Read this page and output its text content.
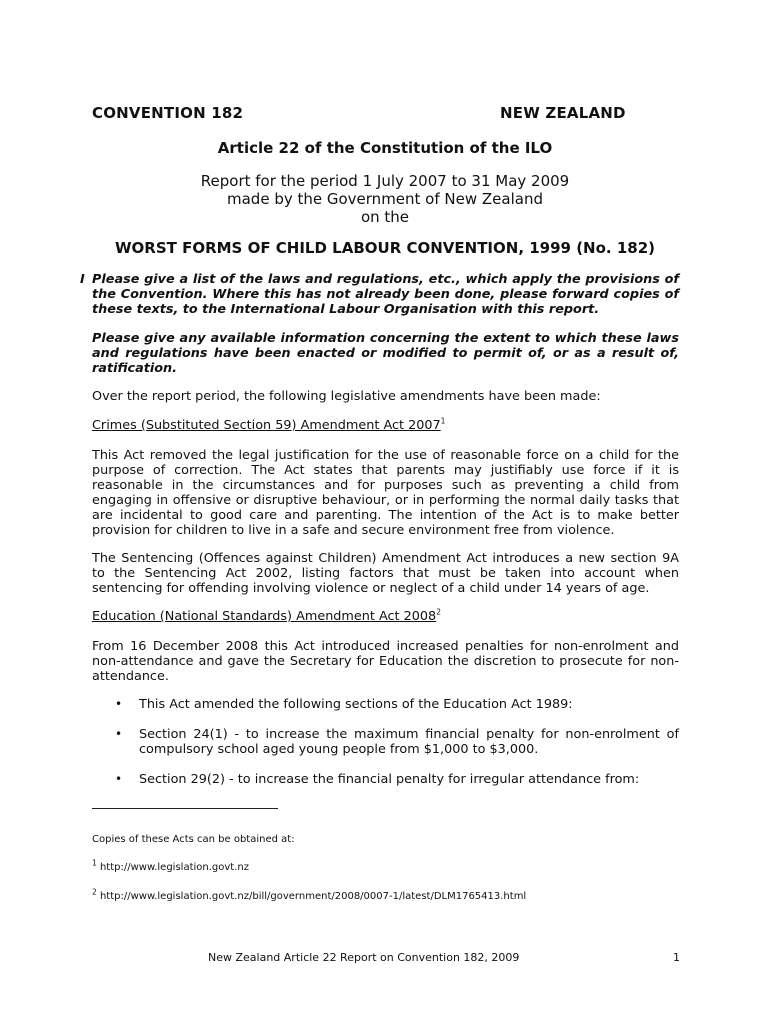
CONVENTION 182	NEW ZEALAND
Article 22 of the Constitution of the ILO
Report for the period 1 July 2007 to 31 May 2009
made by the Government of New Zealand
on the
WORST FORMS OF CHILD LABOUR CONVENTION, 1999 (No. 182)
I Please give a list of the laws and regulations, etc., which apply the provisions of the Convention. Where this has not already been done, please forward copies of these texts, to the International Labour Organisation with this report.
Please give any available information concerning the extent to which these laws and regulations have been enacted or modified to permit of, or as a result of, ratification.
Over the report period, the following legislative amendments have been made:
Crimes (Substituted Section 59) Amendment Act 2007$^1$
This Act removed the legal justification for the use of reasonable force on a child for the purpose of correction. The Act states that parents may justifiably use force if it is reasonable in the circumstances and for purposes such as preventing a child from engaging in offensive or disruptive behaviour, or in performing the normal daily tasks that are incidental to good care and parenting. The intention of the Act is to make better provision for children to live in a safe and secure environment free from violence.
The Sentencing (Offences against Children) Amendment Act introduces a new section 9A to the Sentencing Act 2002, listing factors that must be taken into account when sentencing for offending involving violence or neglect of a child under 14 years of age.
Education (National Standards) Amendment Act 2008$^2$
From 16 December 2008 this Act introduced increased penalties for non-enrolment and non-attendance and gave the Secretary for Education the discretion to prosecute for non-attendance.
• This Act amended the following sections of the Education Act 1989:
• Section 24(1) - to increase the maximum financial penalty for non-enrolment of compulsory school aged young people from $1,000 to $3,000.
• Section 29(2) - to increase the financial penalty for irregular attendance from:
Copies of these Acts can be obtained at:
$^1$ http://www.legislation.govt.nz
$^2$ http://www.legislation.govt.nz/bill/government/2008/0007-1/latest/DLM1765413.html
New Zealand Article 22 Report on Convention 182, 2009	1
